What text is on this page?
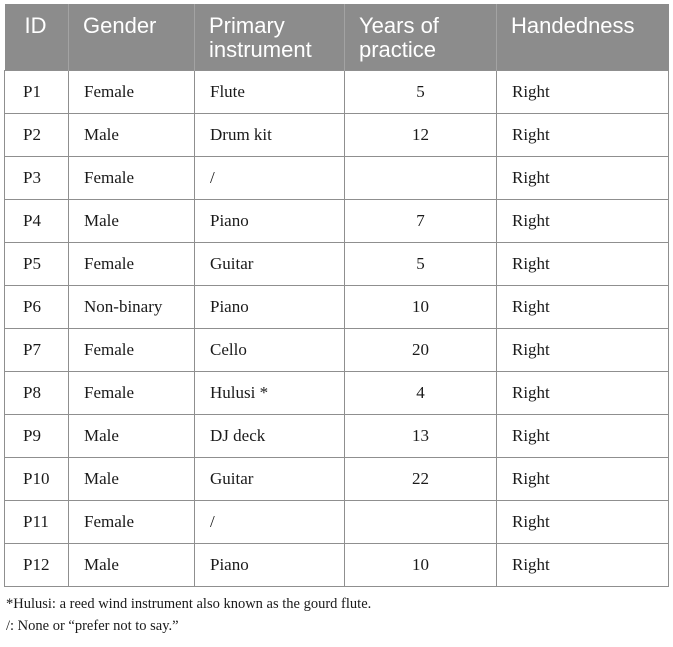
ID	Gender	Primary instrument	Years of practice	Handedness
P1	Female	Flute	5	Right
P2	Male	Drum kit	12	Right
P3	Female	/		Right
P4	Male	Piano	7	Right
P5	Female	Guitar	5	Right
P6	Non-binary	Piano	10	Right
P7	Female	Cello	20	Right
P8	Female	Hulusi *	4	Right
P9	Male	DJ deck	13	Right
P10	Male	Guitar	22	Right
P11	Female	/		Right
P12	Male	Piano	10	Right
*Hulusi: a reed wind instrument also known as the gourd flute.
/: None or “prefer not to say.”
